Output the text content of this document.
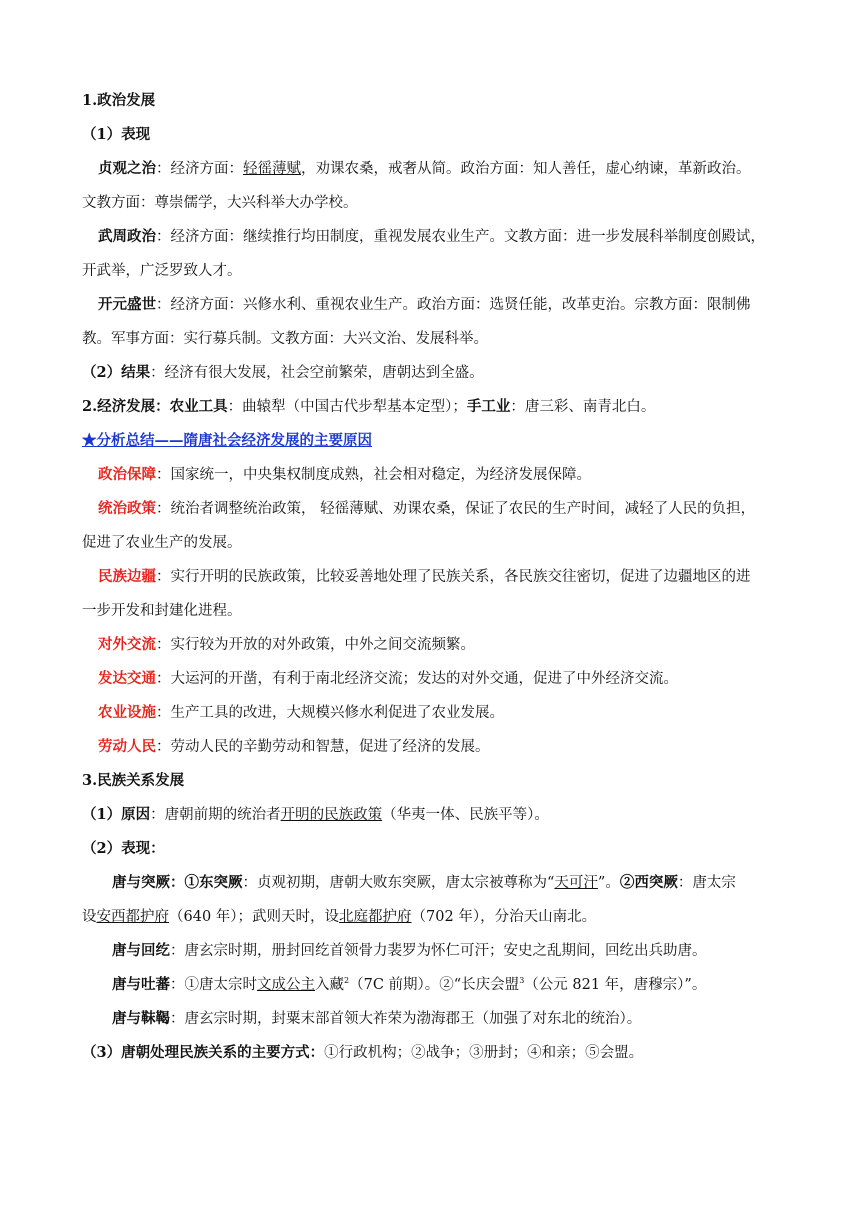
1.政治发展
（1）表现
贞观之治：经济方面：轻徭薄赋，劝课农桑，戒奢从简。政治方面：知人善任，虚心纳谏，革新政治。
文教方面：尊崇儒学，大兴科举大办学校。
武周政治：经济方面：继续推行均田制度，重视发展农业生产。文教方面：进一步发展科举制度创殿试，
开武举，广泛罗致人才。
开元盛世：经济方面：兴修水利、重视农业生产。政治方面：选贤任能，改革吏治。宗教方面：限制佛
教。军事方面：实行募兵制。文教方面：大兴文治、发展科举。
（2）结果：经济有很大发展，社会空前繁荣，唐朝达到全盛。
2.经济发展：农业工具：曲辕犁（中国古代步犁基本定型）；手工业：唐三彩、南青北白。
★分析总结——隋唐社会经济发展的主要原因
政治保障：国家统一，中央集权制度成熟，社会相对稳定，为经济发展保障。
统治政策：统治者调整统治政策， 轻徭薄赋、劝课农桑，保证了农民的生产时间，减轻了人民的负担，
促进了农业生产的发展。
民族边疆：实行开明的民族政策，比较妥善地处理了民族关系，各民族交往密切，促进了边疆地区的进
一步开发和封建化进程。
对外交流：实行较为开放的对外政策，中外之间交流频繁。
发达交通：大运河的开凿，有利于南北经济交流；发达的对外交通，促进了中外经济交流。
农业设施：生产工具的改进，大规模兴修水利促进了农业发展。
劳动人民：劳动人民的辛勤劳动和智慧，促进了经济的发展。
3.民族关系发展
（1）原因：唐朝前期的统治者开明的民族政策（华夷一体、民族平等）。
（2）表现：
唐与突厥：①东突厥：贞观初期，唐朝大败东突厥，唐太宗被尊称为“天可汗”。②西突厥：唐太宗
设安西都护府（640 年）；武则天时，设北庭都护府（702 年），分治天山南北。
唐与回纥：唐玄宗时期，册封回纥首领骨力裴罗为怀仁可汗；安史之乱期间，回纥出兵助唐。
唐与吐蕃：①唐太宗时文成公主入藏$^2$（7C 前期）。②“长庆会盟$^3$（公元 821 年，唐穆宗）”。
唐与靺鞨：唐玄宗时期，封粟末部首领大祚荣为渤海郡王（加强了对东北的统治）。
（3）唐朝处理民族关系的主要方式：①行政机构；②战争；③册封；④和亲；⑤会盟。
